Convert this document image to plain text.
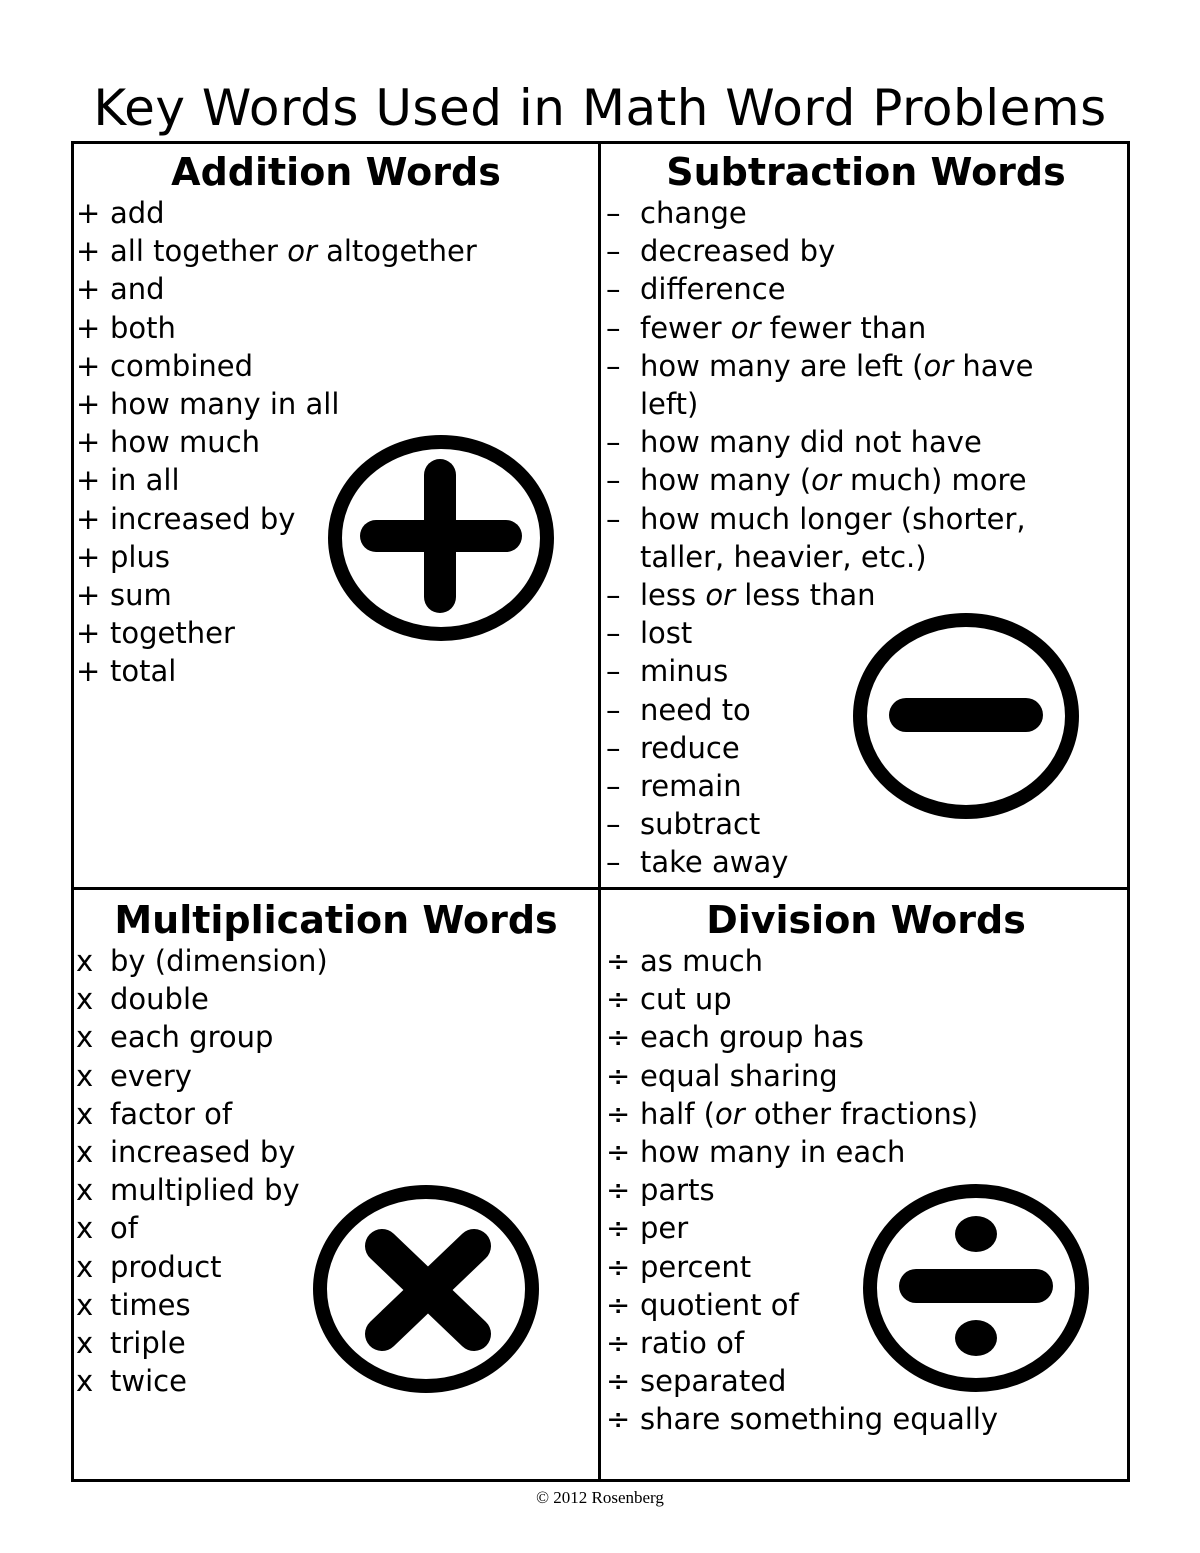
Key Words Used in Math Word Problems
Addition Words
+ add
+ all together or altogether
+ and
+ both
+ combined
+ how many in all
+ how much
+ in all
+ increased by
+ plus
+ sum
+ together
+ total
Subtraction Words
– change
– decreased by
– difference
– fewer or fewer than
– how many are left (or have
left)
– how many did not have
– how many (or much) more
– how much longer (shorter,
taller, heavier, etc.)
– less or less than
– lost
– minus
– need to
– reduce
– remain
– subtract
– take away
Multiplication Words
x by (dimension)
x double
x each group
x every
x factor of
x increased by
x multiplied by
x of
x product
x times
x triple
x twice
Division Words
÷ as much
÷ cut up
÷ each group has
÷ equal sharing
÷ half (or other fractions)
÷ how many in each
÷ parts
÷ per
÷ percent
÷ quotient of
÷ ratio of
÷ separated
÷ share something equally
© 2012 Rosenberg
